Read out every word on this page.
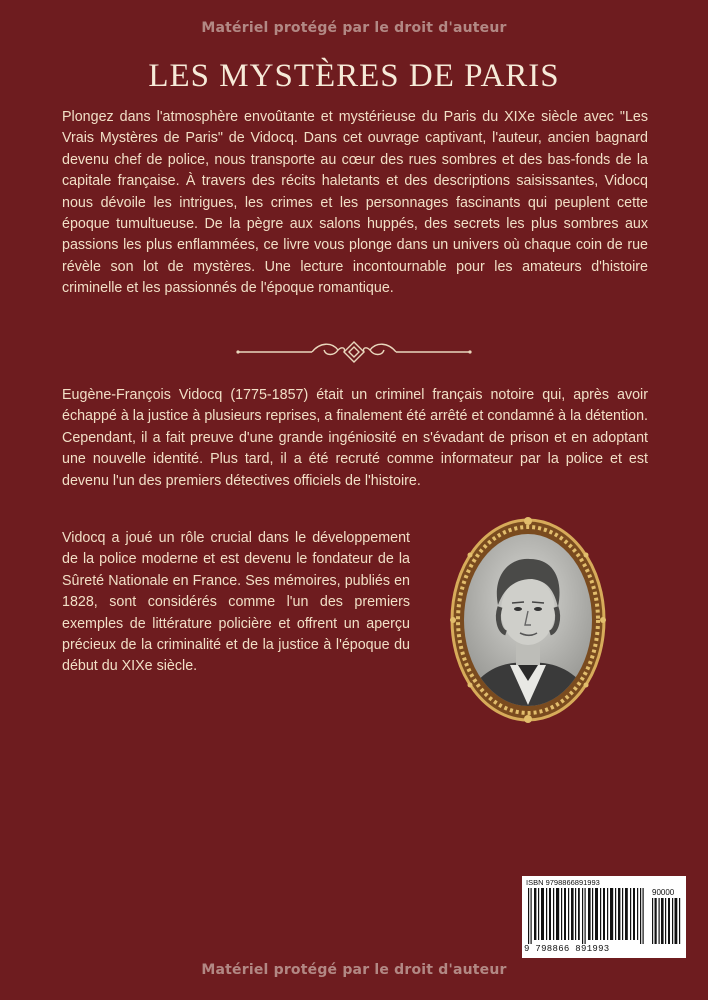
Matériel protégé par le droit d'auteur
LES MYSTÈRES DE PARIS

Plongez dans l'atmosphère envoûtante et mystérieuse du Paris du XIXe siècle avec "Les Vrais Mystères de Paris" de Vidocq. Dans cet ouvrage captivant, l'auteur, ancien bagnard devenu chef de police, nous transporte au cœur des rues sombres et des bas-fonds de la capitale française. À travers des récits haletants et des descriptions saisissantes, Vidocq nous dévoile les intrigues, les crimes et les personnages fascinants qui peuplent cette époque tumultueuse. De la pègre aux salons huppés, des secrets les plus sombres aux passions les plus enflammées, ce livre vous plonge dans un univers où chaque coin de rue révèle son lot de mystères. Une lecture incontournable pour les amateurs d'histoire criminelle et les passionnés de l'époque romantique.

Eugène-François Vidocq (1775-1857) était un criminel français notoire qui, après avoir échappé à la justice à plusieurs reprises, a finalement été arrêté et condamné à la détention. Cependant, il a fait preuve d'une grande ingéniosité en s'évadant de prison et en adoptant une nouvelle identité. Plus tard, il a été recruté comme informateur par la police et est devenu l'un des premiers détectives officiels de l'histoire.

Vidocq a joué un rôle crucial dans le développement de la police moderne et est devenu le fondateur de la Sûreté Nationale en France. Ses mémoires, publiés en 1828, sont considérés comme l'un des premiers exemples de littérature policière et offrent un aperçu précieux de la criminalité et de la justice à l'époque du début du XIXe siècle.

ISBN 9798866891993
90000
9 798866 891993
Matériel protégé par le droit d'auteur
